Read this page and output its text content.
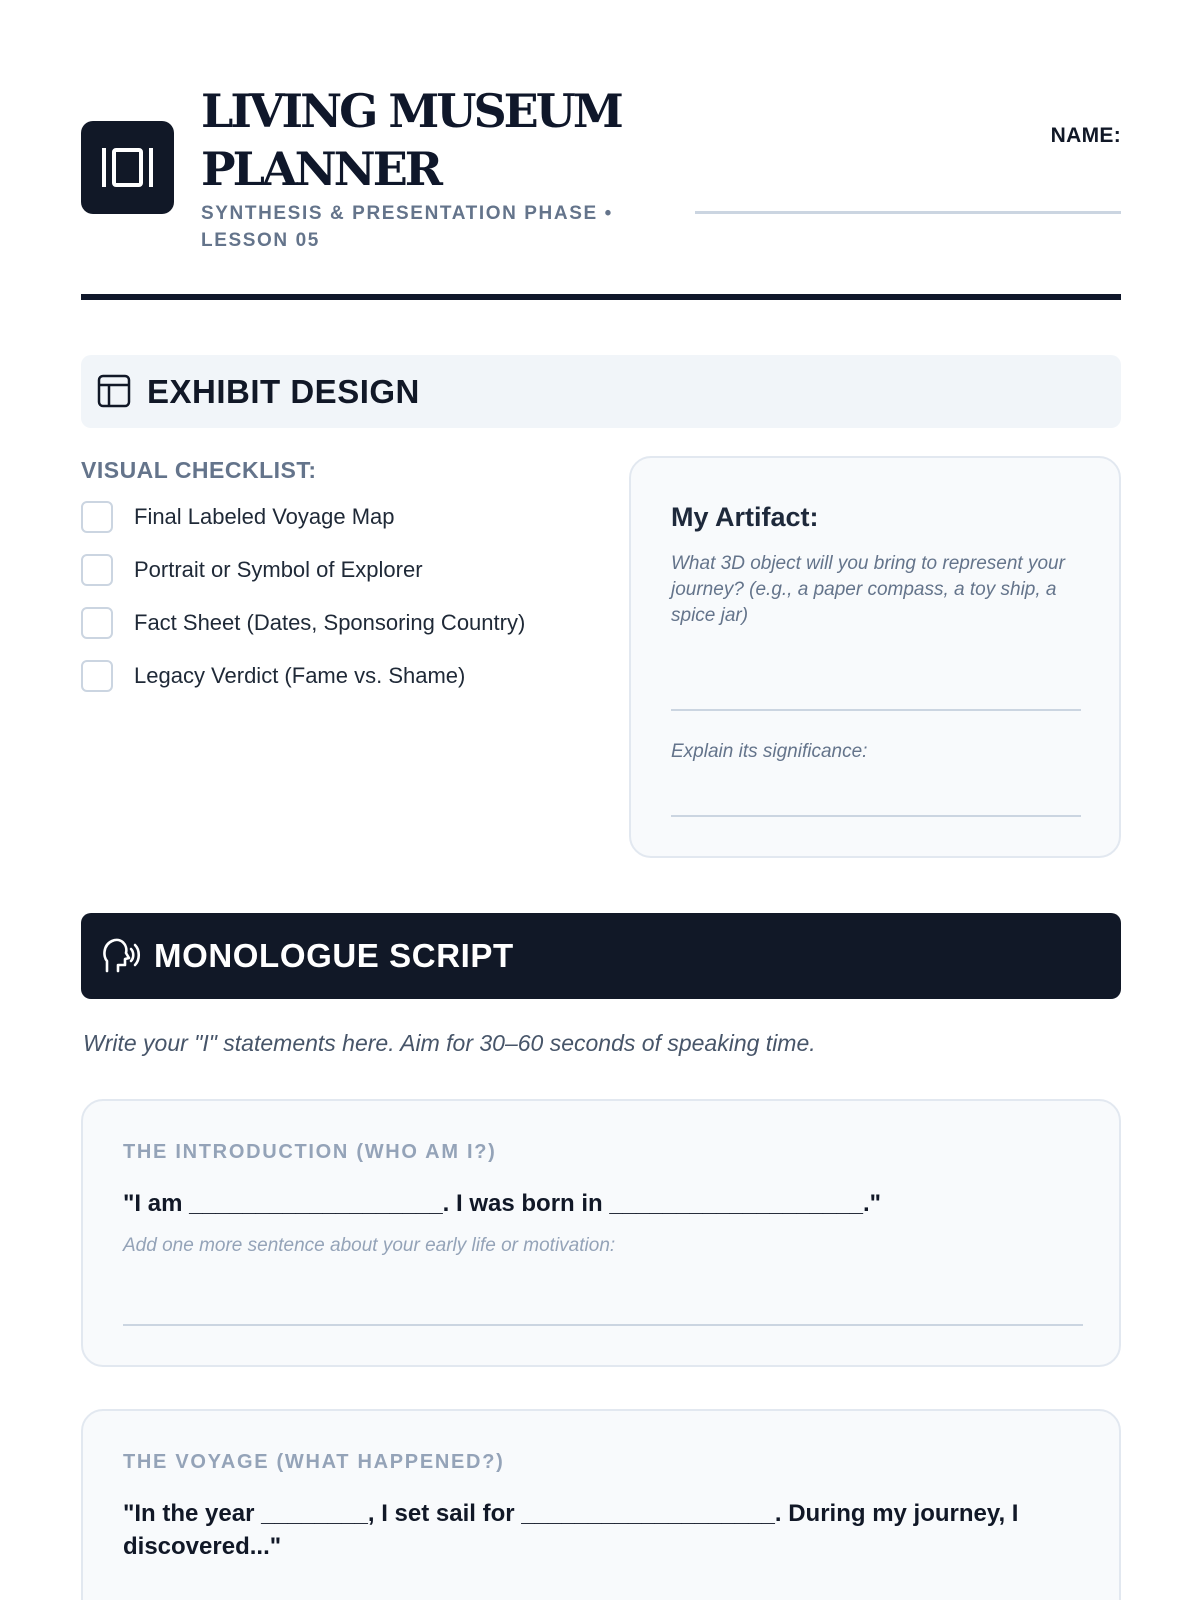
LIVING MUSEUM PLANNER
SYNTHESIS & PRESENTATION PHASE • LESSON 05
NAME:
EXHIBIT DESIGN
VISUAL CHECKLIST:
Final Labeled Voyage Map
Portrait or Symbol of Explorer
Fact Sheet (Dates, Sponsoring Country)
Legacy Verdict (Fame vs. Shame)
My Artifact:
What 3D object will you bring to represent your journey? (e.g., a paper compass, a toy ship, a spice jar)
Explain its significance:
MONOLOGUE SCRIPT
Write your "I" statements here. Aim for 30–60 seconds of speaking time.
THE INTRODUCTION (WHO AM I?)
"I am ___________________. I was born in ___________________."
Add one more sentence about your early life or motivation:
THE VOYAGE (WHAT HAPPENED?)
"In the year ________, I set sail for ___________________. During my journey, I discovered..."
